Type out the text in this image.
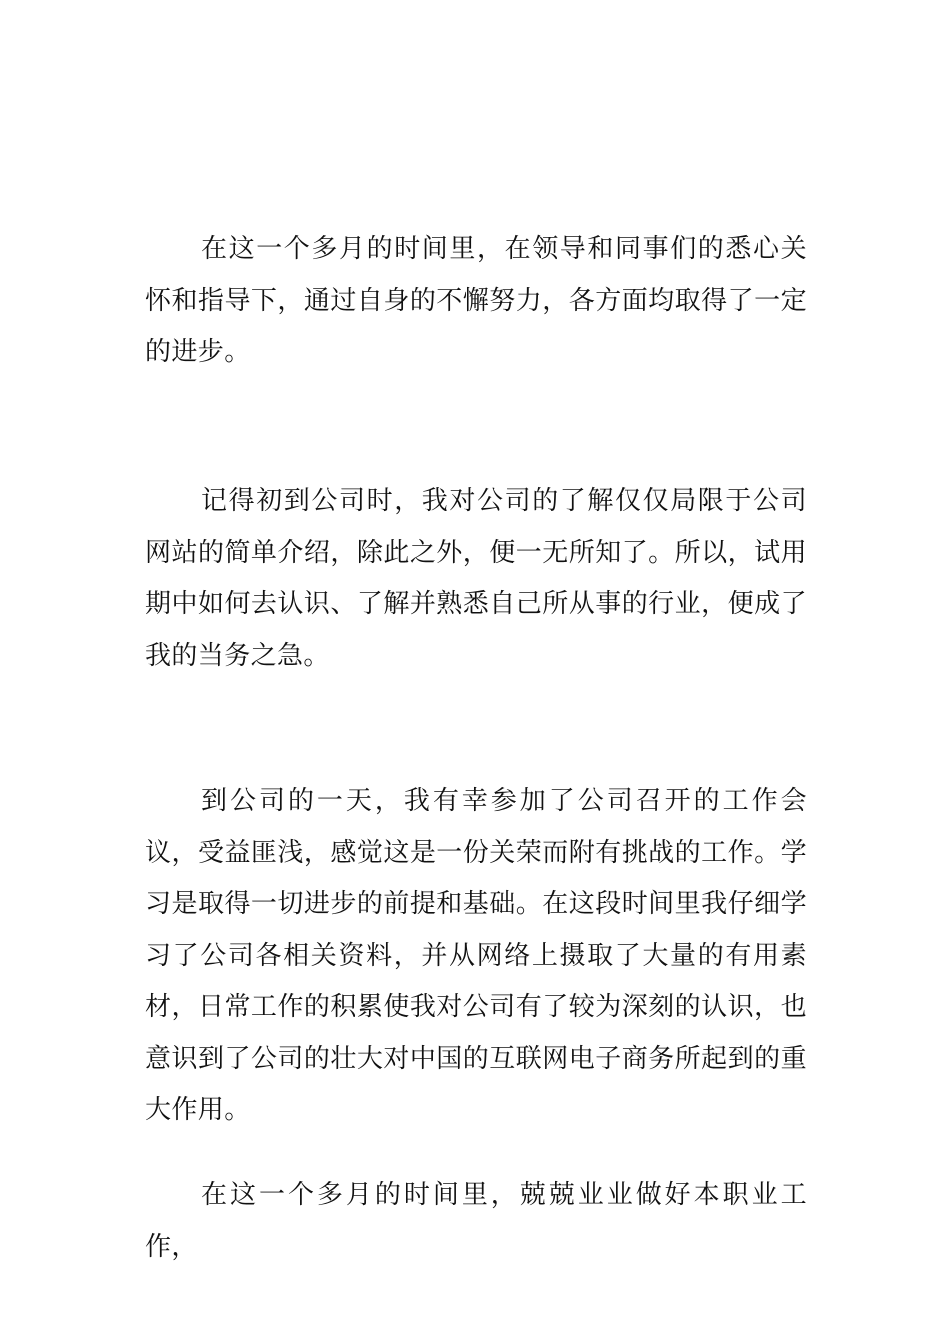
在这一个多月的时间里，在领导和同事们的悉心关怀和指导下，通过自身的不懈努力，各方面均取得了一定的进步。

记得初到公司时，我对公司的了解仅仅局限于公司网站的简单介绍，除此之外，便一无所知了。所以，试用期中如何去认识、了解并熟悉自己所从事的行业，便成了我的当务之急。

到公司的一天，我有幸参加了公司召开的工作会议，受益匪浅，感觉这是一份关荣而附有挑战的工作。学习是取得一切进步的前提和基础。在这段时间里我仔细学习了公司各相关资料，并从网络上摄取了大量的有用素材，日常工作的积累使我对公司有了较为深刻的认识，也意识到了公司的壮大对中国的互联网电子商务所起到的重大作用。

在这一个多月的时间里，兢兢业业做好本职业工作，
